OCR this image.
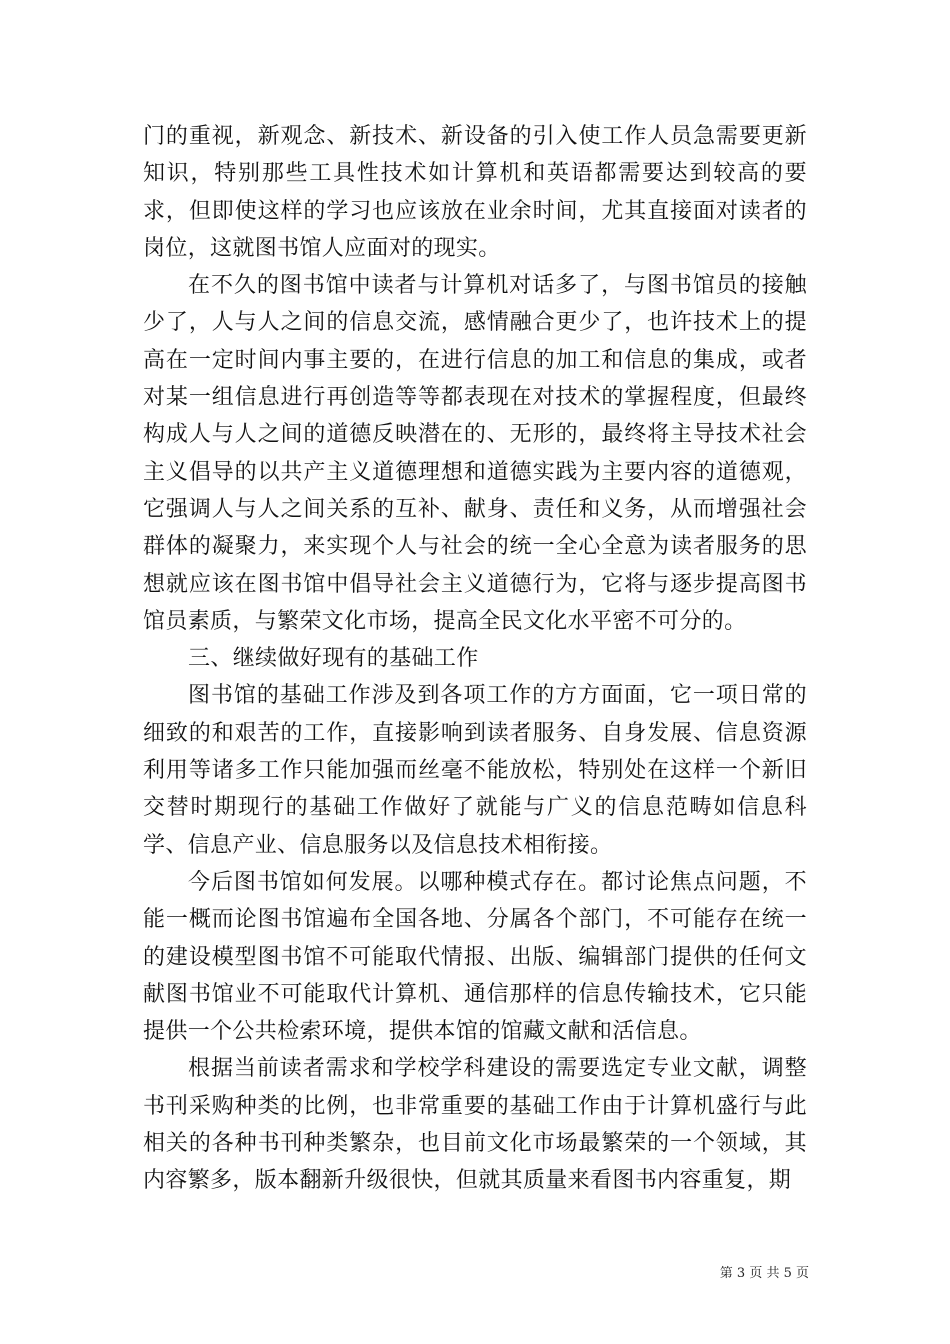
门的重视，新观念、新技术、新设备的引入使工作人员急需要更新知识，特别那些工具性技术如计算机和英语都需要达到较高的要求，但即使这样的学习也应该放在业余时间，尤其直接面对读者的岗位，这就图书馆人应面对的现实。

在不久的图书馆中读者与计算机对话多了，与图书馆员的接触少了，人与人之间的信息交流，感情融合更少了，也许技术上的提高在一定时间内事主要的，在进行信息的加工和信息的集成，或者对某一组信息进行再创造等等都表现在对技术的掌握程度，但最终构成人与人之间的道德反映潜在的、无形的，最终将主导技术社会主义倡导的以共产主义道德理想和道德实践为主要内容的道德观，它强调人与人之间关系的互补、献身、责任和义务，从而增强社会群体的凝聚力，来实现个人与社会的统一全心全意为读者服务的思想就应该在图书馆中倡导社会主义道德行为，它将与逐步提高图书馆员素质，与繁荣文化市场，提高全民文化水平密不可分的。

三、继续做好现有的基础工作

图书馆的基础工作涉及到各项工作的方方面面，它一项日常的细致的和艰苦的工作，直接影响到读者服务、自身发展、信息资源利用等诸多工作只能加强而丝毫不能放松，特别处在这样一个新旧交替时期现行的基础工作做好了就能与广义的信息范畴如信息科学、信息产业、信息服务以及信息技术相衔接。

今后图书馆如何发展。以哪种模式存在。都讨论焦点问题，不能一概而论图书馆遍布全国各地、分属各个部门，不可能存在统一的建设模型图书馆不可能取代情报、出版、编辑部门提供的任何文献图书馆业不可能取代计算机、通信那样的信息传输技术，它只能提供一个公共检索环境，提供本馆的馆藏文献和活信息。

根据当前读者需求和学校学科建设的需要选定专业文献，调整书刊采购种类的比例，也非常重要的基础工作由于计算机盛行与此相关的各种书刊种类繁杂，也目前文化市场最繁荣的一个领域，其内容繁多，版本翻新升级很快，但就其质量来看图书内容重复，期

第 3 页 共 5 页
